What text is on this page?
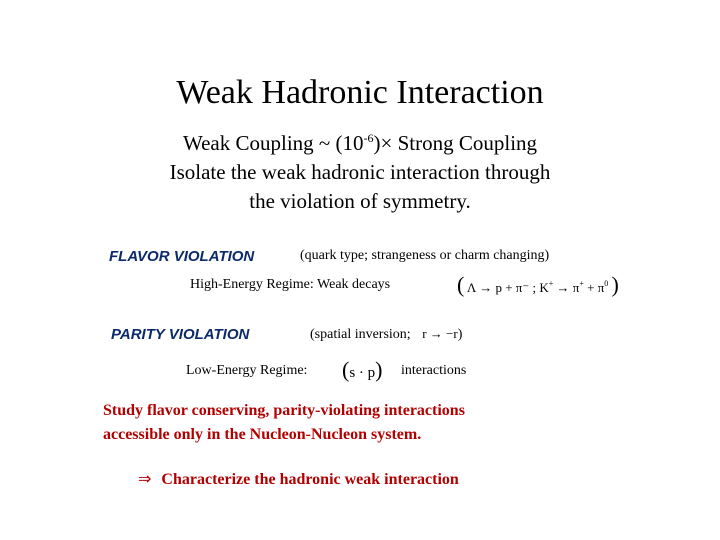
Weak Hadronic Interaction
Weak Coupling ~ $(10^{-6})\times$ Strong Coupling
Isolate the weak hadronic interaction through
the violation of symmetry.
FLAVOR VIOLATION	(quark type; strangeness or charm changing)
High-Energy Regime: Weak decays	( Λ → p + π⁻ ; $K^+ \to \pi^+ + \pi^0$ )
PARITY VIOLATION	(spatial inversion; r → −r)
Low-Energy Regime: (s · p) interactions
Study flavor conserving, parity-violating interactions
accessible only in the Nucleon-Nucleon system.
⇒ Characterize the hadronic weak interaction
